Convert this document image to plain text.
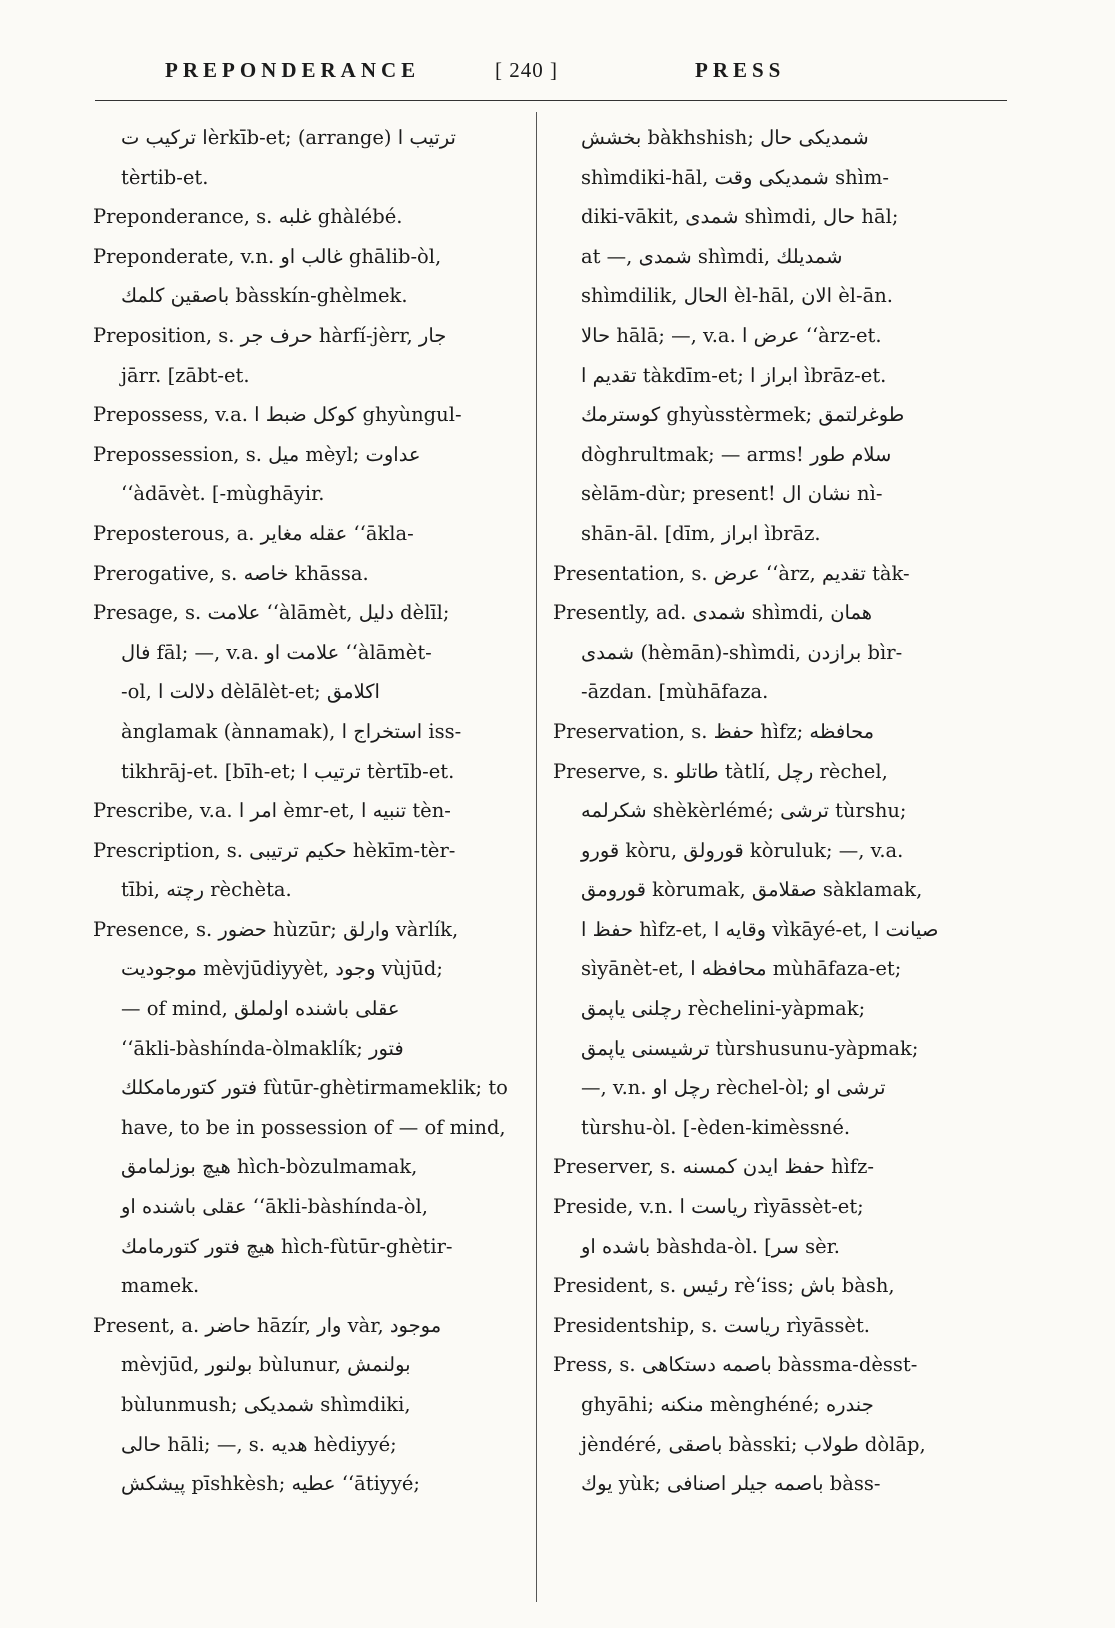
PREPONDERANCE	[ 240 ]	PRESS
ا ترکیب تèrkīb-et; (arrange) ترتیب ا
tèrtib-et.
Preponderance, s. غلبه ghàlébé.
Preponderate, v.n. غالب او ghālib-òl,
باصقین کلمك bàsskín-ghèlmek.
Preposition, s. حرف جر hàrfí-jèrr, جار
jārr. [zābt-et.
Prepossess, v.a. کوکل ضبط ا ghyùngul-
Prepossession, s. میل mèyl; عداوت
ʻʻàdāvèt. [-mùghāyir.
Preposterous, a. عقله مغایر ʻʻākla-
Prerogative, s. خاصه khāssa.
Presage, s. علامت ʻʻàlāmèt, دلیل dèlīl;
فال fāl; —, v.a. علامت او ʻʻàlāmèt-
-ol, دلالت ا dèlālèt-et; اکلامق
ànglamak (ànnamak), استخراج ا iss-
tikhrāj-et. [bīh-et; ترتیب ا tèrtīb-et.
Prescribe, v.a. امر ا èmr-et, تنبیه ا tèn-
Prescription, s. حکیم ترتیبی hèkīm-tèr-
tībi, رچته rèchèta.
Presence, s. حضور hùzūr; وارلق vàrlík,
موجودیت mèvjūdiyyèt, وجود vùjūd;
— of mind, عقلی باشنده اولملق
ʻʻākli-bàshínda-òlmaklík; فتور
فتور کتورمامکلك fùtūr-ghètirmameklik; to
have, to be in possession of — of mind,
هیچ بوزلمامق hìch-bòzulmamak,
عقلی باشنده او ʻʻākli-bàshínda-òl,
هیچ فتور کتورمامك hìch-fùtūr-ghètir-
mamek.
Present, a. حاضر hāzír, وار vàr, موجود
mèvjūd, بولنور bùlunur, بولنمش
bùlunmush; شمدیکی shìmdiki,
حالی hāli; —, s. هدیه hèdiyyé;
پیشکش pīshkèsh; عطیه ʻʻātiyyé;
بخشش bàkhshish; شمدیکی حال
shìmdiki-hāl, شمدیکی وقت shìm-
diki-vākit, شمدی shìmdi, حال hāl;
at —, شمدی shìmdi, شمدیلك
shìmdilik, الحال èl-hāl, الان èl-ān.
حالا hālā; —, v.a. عرض ا ʻʻàrz-et.
تقدیم ا tàkdīm-et; ابراز ا ìbrāz-et.
کوسترمك ghyùsstèrmek; طوغرلتمق
dòghrultmak; — arms! سلام طور
sèlām-dùr; present! نشان ال nì-
shān-āl. [dīm, ابراز ìbrāz.
Presentation, s. عرض ʻʻàrz, تقدیم tàk-
Presently, ad. شمدی shìmdi, همان
شمدی (hèmān)-shìmdi, برازدن bìr-
-āzdan. [mùhāfaza.
Preservation, s. حفظ hìfz; محافظه
Preserve, s. طاتلو tàtlí, رچل rèchel,
شکرلمه shèkèrlémé; ترشی tùrshu;
قورو kòru, قورولق kòruluk; —, v.a.
قورومق kòrumak, صقلامق sàklamak,
حفظ ا hìfz-et, وقایه ا vìkāyé-et, صیانت ا
sìyānèt-et, محافظه ا mùhāfaza-et;
رچلنی یاپمق rèchelini-yàpmak;
ترشیسنی یاپمق tùrshusunu-yàpmak;
—, v.n. رچل او rèchel-òl; ترشی او
tùrshu-òl. [-èden-kimèssné.
Preserver, s. حفظ ایدن کمسنه hìfz-
Preside, v.n. ریاست ا rìyāssèt-et;
باشده او bàshda-òl. [سر sèr.
President, s. رئیس rèʻiss; باش bàsh,
Presidentship, s. ریاست rìyāssèt.
Press, s. باصمه دستکاهی bàssma-dèsst-
ghyāhi; منکنه mènghéné; جندره
jèndéré, باصقی bàsski; طولاب dòlāp,
یوك yùk; باصمه جیلر اصنافی bàss-
